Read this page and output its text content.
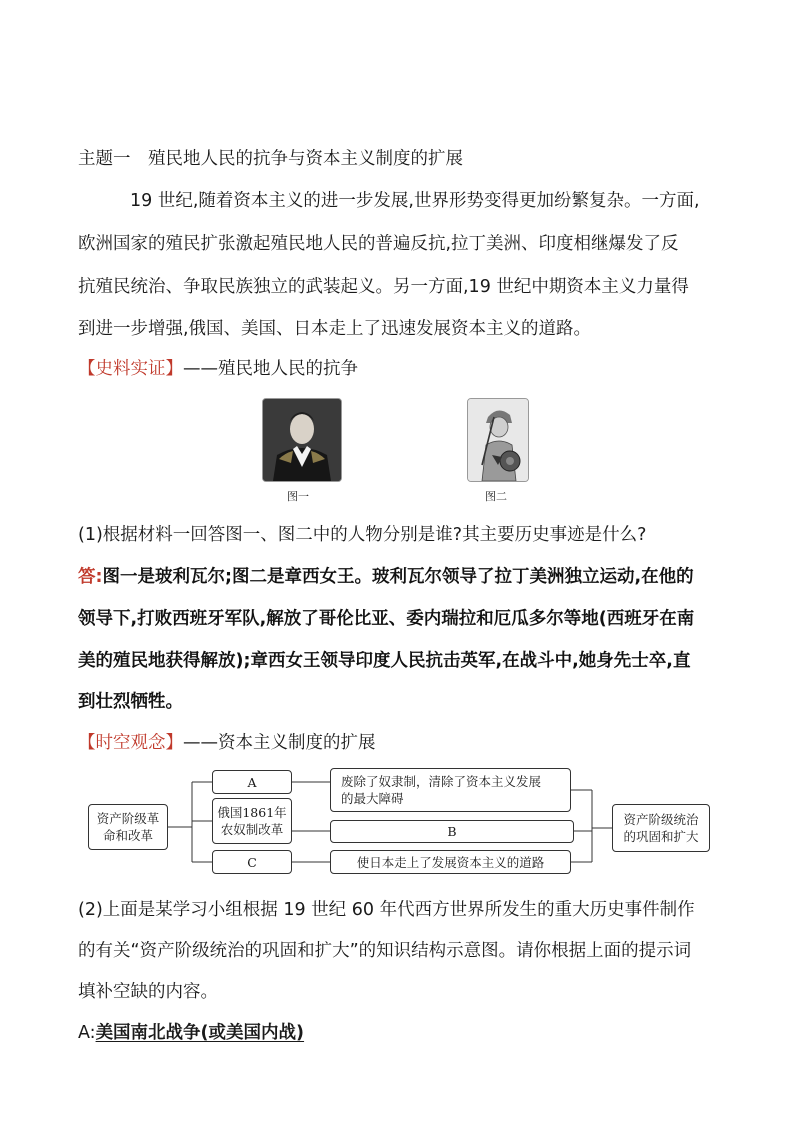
主题一　殖民地人民的抗争与资本主义制度的扩展
19 世纪,随着资本主义的进一步发展,世界形势变得更加纷繁复杂。一方面,
欧洲国家的殖民扩张激起殖民地人民的普遍反抗,拉丁美洲、印度相继爆发了反
抗殖民统治、争取民族独立的武装起义。另一方面,19 世纪中期资本主义力量得
到进一步增强,俄国、美国、日本走上了迅速发展资本主义的道路。
【史料实证】——殖民地人民的抗争
图一	图二
(1)根据材料一回答图一、图二中的人物分别是谁?其主要历史事迹是什么?
答:图一是玻利瓦尔;图二是章西女王。玻利瓦尔领导了拉丁美洲独立运动,在他的
领导下,打败西班牙军队,解放了哥伦比亚、委内瑞拉和厄瓜多尔等地(西班牙在南
美的殖民地获得解放);章西女王领导印度人民抗击英军,在战斗中,她身先士卒,直
到壮烈牺牲。
【时空观念】——资本主义制度的扩展
资产阶级革
命和改革
A
俄国1861年
农奴制改革
C
废除了奴隶制，清除了资本主义发展
的最大障碍
B
使日本走上了发展资本主义的道路
资产阶级统治
的巩固和扩大
(2)上面是某学习小组根据 19 世纪 60 年代西方世界所发生的重大历史事件制作
的有关“资产阶级统治的巩固和扩大”的知识结构示意图。请你根据上面的提示词
填补空缺的内容。
A:美国南北战争(或美国内战)
